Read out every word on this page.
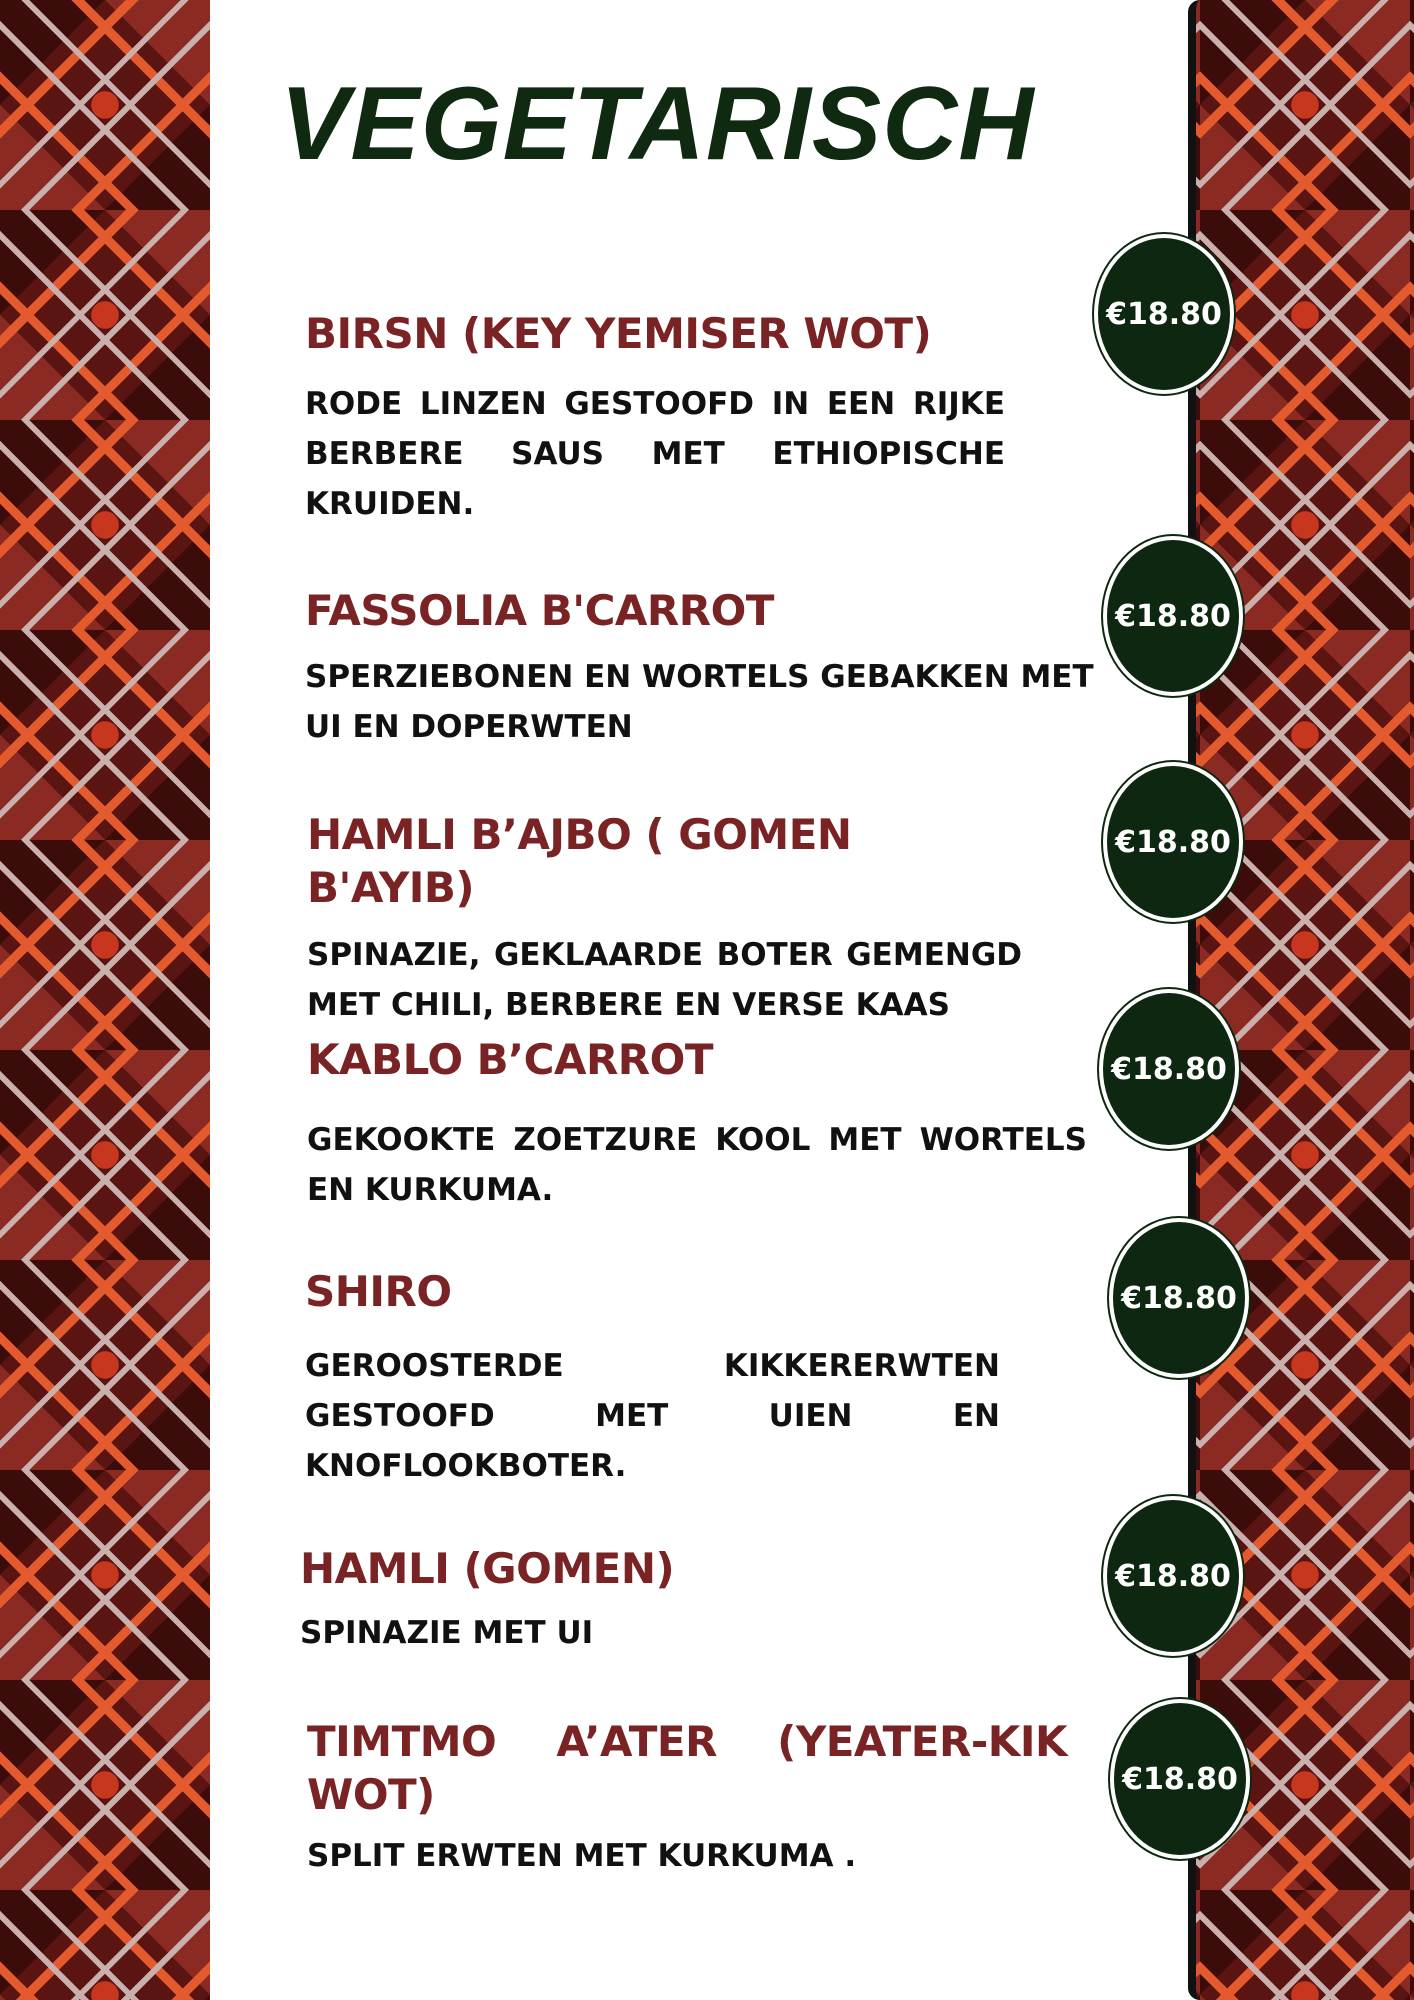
VEGETARISCH

BIRSN (KEY YEMISER WOT)

RODE LINZEN GESTOOFD IN EEN RIJKE BERBERE SAUS MET ETHIOPISCHE KRUIDEN.

€18.80

FASSOLIA B'CARROT

SPERZIEBONEN EN WORTELS GEBAKKEN MET UI EN DOPERWTEN

€18.80

HAMLI B’AJBO ( GOMEN B'AYIB)

SPINAZIE, GEKLAARDE BOTER GEMENGD MET CHILI, BERBERE EN VERSE KAAS

€18.80

KABLO B’CARROT

GEKOOKTE ZOETZURE KOOL MET WORTELS EN KURKUMA.

€18.80

SHIRO

GEROOSTERDE KIKKERERWTEN GESTOOFD MET UIEN EN KNOFLOOKBOTER.

€18.80

HAMLI (GOMEN)

SPINAZIE MET UI

€18.80

TIMTMO A’ATER (YEATER-KIK WOT)

SPLIT ERWTEN MET KURKUMA .

€18.80
